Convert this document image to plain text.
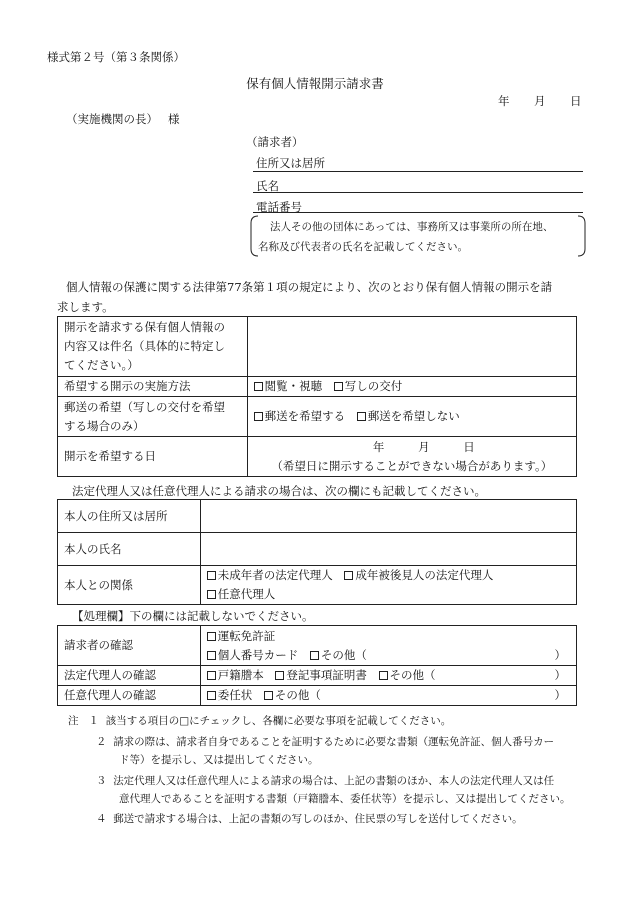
様式第２号（第３条関係）
保有個人情報開示請求書
年 月 日
（実施機関の長） 様
（請求者）
住所又は居所
氏名
電話番号
法人その他の団体にあっては、事務所又は事業所の所在地、
名称及び代表者の氏名を記載してください。
個人情報の保護に関する法律第77条第１項の規定により、次のとおり保有個人情報の開示を請
求します。
開示を請求する保有個人情報の
内容又は件名（具体的に特定し
てください。）	

希望する開示の実施方法	閲覧・視聴 写しの交付

郵送の希望（写しの交付を希望
する場合のみ）	郵送を希望する 郵送を希望しない
開示を希望する日	年 月 日
（希望日に開示することができない場合があります。）
法定代理人又は任意代理人による請求の場合は、次の欄にも記載してください。
本人の住所又は居所	
本人の氏名	
本人との関係	未成年者の法定代理人 成年被後見人の法定代理人
任意代理人
【処理欄】下の欄には記載しないでください。
請求者の確認	運転免許証
個人番号カード その他（ ）

法定代理人の確認	戸籍謄本 登記事項証明書 その他（ ）

任意代理人の確認	委任状 その他（ ）
注 １ 該当する項目の□にチェックし、各欄に必要な事項を記載してください。
２ 請求の際は、請求者自身であることを証明するために必要な書類（運転免許証、個人番号カー
ド等）を提示し、又は提出してください。
３ 法定代理人又は任意代理人による請求の場合は、上記の書類のほか、本人の法定代理人又は任
意代理人であることを証明する書類（戸籍謄本、委任状等）を提示し、又は提出してください。
４ 郵送で請求する場合は、上記の書類の写しのほか、住民票の写しを送付してください。
